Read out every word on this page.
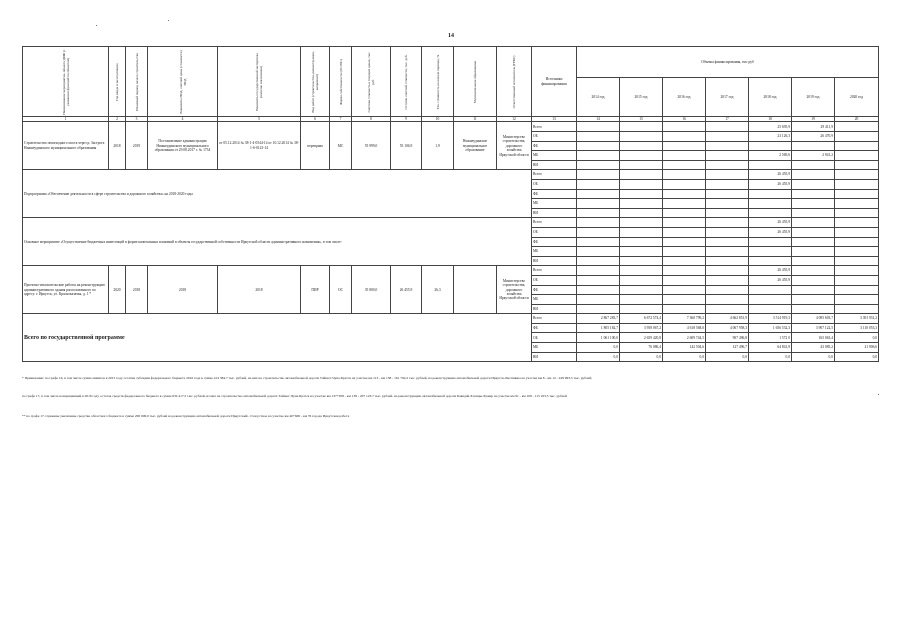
14
Наименование мероприятия, объекта ДИФ (с указанием функций по объектам)	Год ввода в эксплуатацию	Плановый период начала строительства	Реквизиты ПСД, сметной цены (стоимости) ПСД	Реквизиты государственной экспертизы (наличие заключения)	Вид работ (строительство, реконструкция, капремонт)	Форма собственности (ОС/МС)	Сметная стоимость в текущих ценах, тыс. руб.	Остаток сметной стоимости, тыс. руб.	Тех. готовность на начало периода, %	Муниципальное образование	Ответственный исполнитель (ГРБС)	Источники финансирования	Объемы финансирования, тыс руб						
													2014 год	2015 год	2016 год	2017 год	2018 год	2019 год	2020 год
1	2	3	4	5	6	7	8	9	10	11	12	13	14	15	16	17	18	19	20
Строительство пешеходного моста через р. Застрога Нижнеудинского муниципального образования	2018	2019	Постановление администрации Нижнеудинского муниципального образования от 29.08.2017 г. № 1734	от 05.12.2014 № 38-1-4-0544-14 от 10.12.2014 № 38-1-6-0123-14	переправа	МС	55 999,0	55 106,9	1,9	Нижнеудинское муниципальное образование	Министерство строительства, дорожного хозяйства Иркутской области	Всего					25 695,9	29 411,9	
												ОБ					23 126,3	26 470,9	
												ФБ							
												МБ					2 569,6	2 941,2	
												ВИ							
Подпрограмма «Обеспечение деятельности в сфере строительства и дорожного хозяйства» на 2018-2020 годы												Всего					26 455,9		
												ОБ					26 455,9		
												ФБ							
												МБ							
												ВИ							
Основное мероприятие «Осуществление бюджетных инвестиций в форме капитальных вложений в объекты государственной собственности Иркутской области административного назначения», в том числе:												Всего					26 455,9		
												ОБ					26 455,9		
												ФБ							
												МБ							
												ВИ							
Проектно-изыскательские работы на реконструкцию административного здания расположенного по адресу: г. Иркутск, ул. Красноказачья, д. 1 *	2020	2018	2018	2018	ПИР	ОС	35 800,0	26 455,9	26,3		Министерство строительства, дорожного хозяйства Иркутской области	Всего					26 455,9		
												ОБ					26 455,9		
												ФБ							
												МБ							
												ВИ							
Всего по государственной программе												Всего	2 867 283,7	6 672 574,4	7 360 799,2	4 662 851,9	3 514 919,3	4 095 603,7	3 391 931,2
												ФБ	1 805 182,7	3 958 067,2	4 618 568,0	4 067 958,3	1 656 532,3	3 907 122,5	3 110 053,3
												ОБ	1 061 100,0	2 659 420,8	2 609 744,5	907 496,8	1 572 0	165 063,4	0,0
												МБ	0,0	76 086,4	142 504,6	127 496,7	64 841,9	43 085,2	21 906,6
												ВИ	0,0	0,0	0,0	0,0	0,0	0,0	0,0
* Примечание: по графе 16, в том числе сумма лимитов в 2015 году остатки субсидии федерального бюджета 2016 года в сумме 414 384,7 тыс. рублей, на них на строительство автомобильной дороги Тайшет-Чуна-Братск на участке км 113 - км 138 - 161 792,2 тыс. рублей, на реконструкцию автомобильной дороги Иркутск-Листвянка на участке км 8 - км 12 - 249 993,5 тыс. рублей;
по графе 17, в том числе возвращенный в 2016 году остаток средств федерального бюджета в сумме 632 417,5 тыс. рублей, из них на строительство автомобильной дороги Тайшет-Чуна-Братск на участке км 137+058 - км 138 - 207 123,7 тыс. рублей, на реконструкцию автомобильной дороги Баяндай-Еланцы-Хужир на участке км 91 - км 108 - 115 163,5 тыс. рублей
** по графе 17 отражены увеличены средства областного бюджета в сумме 200 000,0 тыс. рублей на реконструкцию автомобильной дороги Иркутский - Голоустное на участке км 40+600 - км 76 города Иркутская работа
